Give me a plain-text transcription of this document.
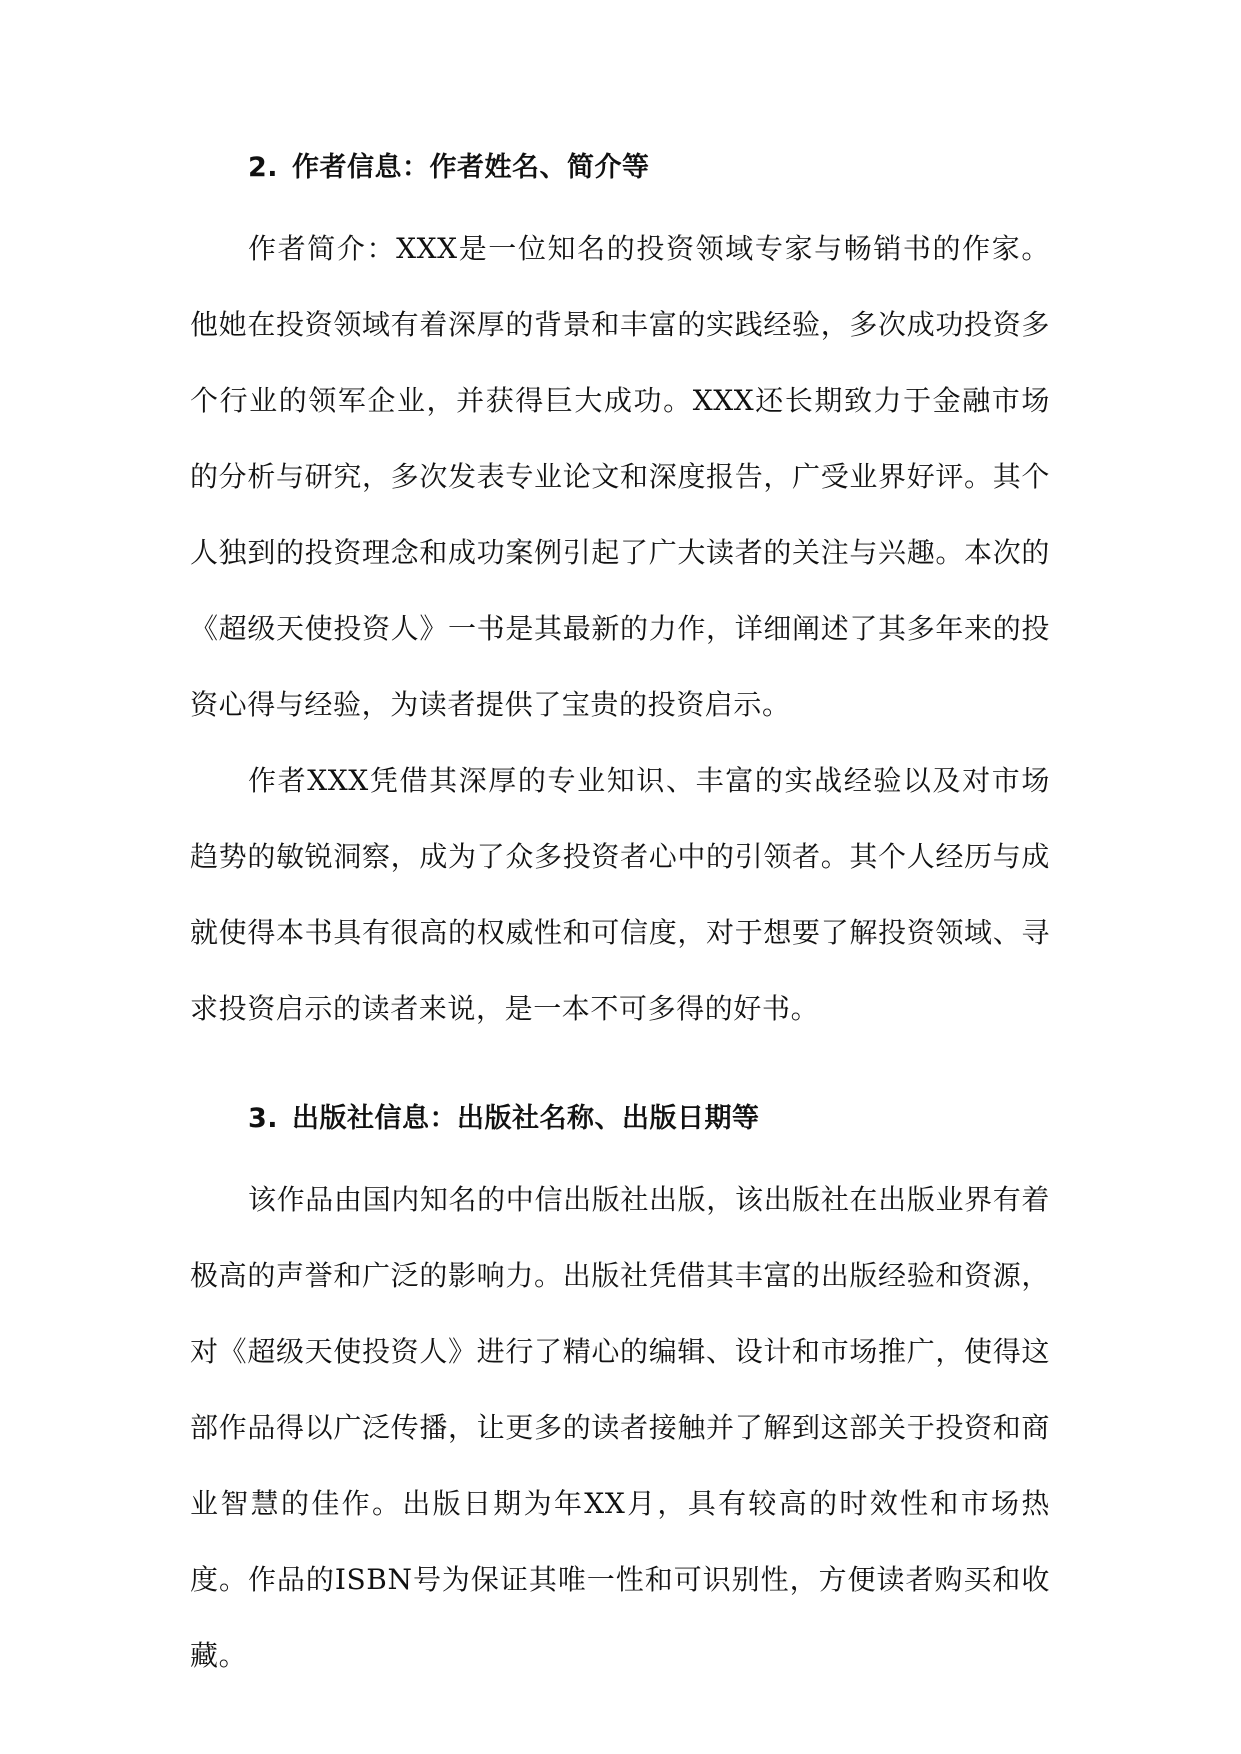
2. 作者信息：作者姓名、简介等

作者简介：XXX是一位知名的投资领域专家与畅销书的作家。他她在投资领域有着深厚的背景和丰富的实践经验，多次成功投资多个行业的领军企业，并获得巨大成功。XXX还长期致力于金融市场的分析与研究，多次发表专业论文和深度报告，广受业界好评。其个人独到的投资理念和成功案例引起了广大读者的关注与兴趣。本次的《超级天使投资人》一书是其最新的力作，详细阐述了其多年来的投资心得与经验，为读者提供了宝贵的投资启示。

作者XXX凭借其深厚的专业知识、丰富的实战经验以及对市场趋势的敏锐洞察，成为了众多投资者心中的引领者。其个人经历与成就使得本书具有很高的权威性和可信度，对于想要了解投资领域、寻求投资启示的读者来说，是一本不可多得的好书。

3. 出版社信息：出版社名称、出版日期等

该作品由国内知名的中信出版社出版，该出版社在出版业界有着极高的声誉和广泛的影响力。出版社凭借其丰富的出版经验和资源，对《超级天使投资人》进行了精心的编辑、设计和市场推广，使得这部作品得以广泛传播，让更多的读者接触并了解到这部关于投资和商业智慧的佳作。出版日期为年XX月，具有较高的时效性和市场热度。作品的ISBN号为保证其唯一性和可识别性，方便读者购买和收藏。
